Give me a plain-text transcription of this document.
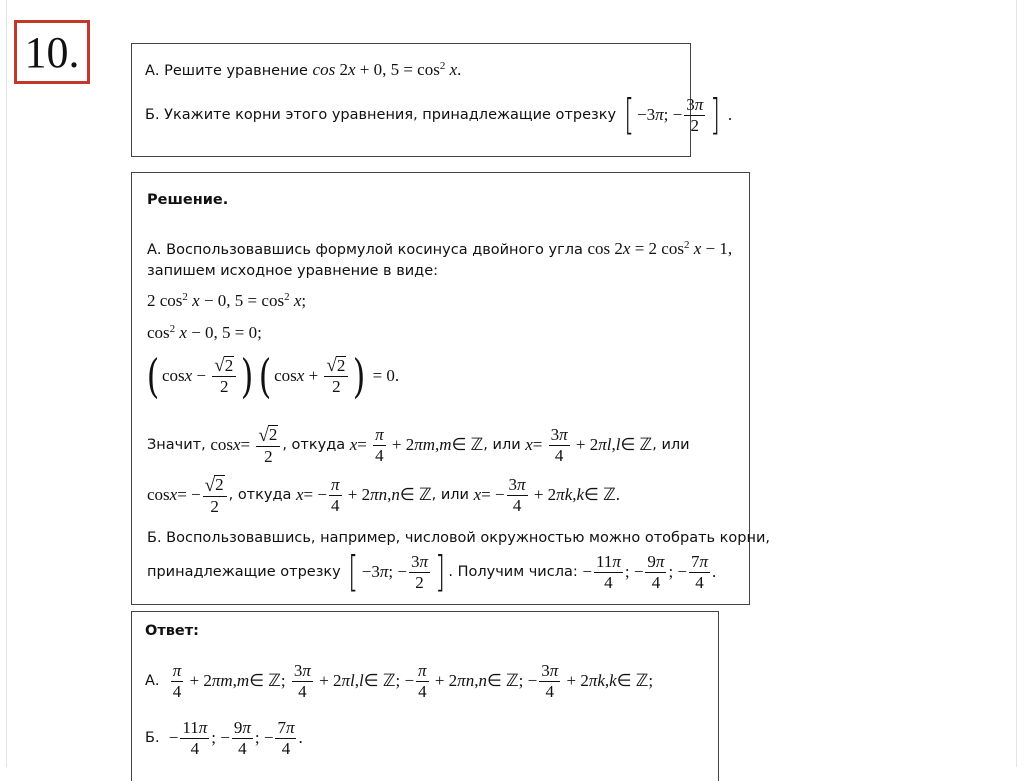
10.	А. Решите уравнение cos 2x + 0, $5 = \cos^2 x$.
Б.
Укажите корни этого уравнения, принадлежащие отрезку
[ −3 π ; − $\frac{3\pi}{2}$ ] .
Решение.
А. Воспользовавшись формулой косинуса двойного угла cos 2x = 2 $\cos^2 x - 1$,
запишем исходное уравнение в виде:
2 $\cos^2 x - 0$, $5 = \cos^2 x$;
$\cos^2 x - 0$, 5 = 0;
( $\cos x - \frac{√ 2}{2}$ ) ( $\cos x + \frac{√ 2}{2}$ )
= 0.
Значит,
$\cos x = \frac{√ 2}{2}$ , откуда
$x = \frac{\pi}{4} + 2$ πm , m ∈ ℤ , или
$x = \frac{3\pi}{4} + 2$ πl , l ∈ ℤ , или
cos x = − $\frac{√ 2}{2}$ , откуда
x = − $\frac{\pi}{4} + 2$ πn , n ∈ ℤ , или
x = − $\frac{3\pi}{4} + 2$ πk , k ∈ ℤ.
Б. Воспользовавшись, например, числовой окружностью можно отобрать корни,
принадлежащие отрезку
[ −3 π ; − $\frac{3\pi}{2}$ ] . Получим числа:
− $\frac{11\pi}{4}$ ; − $\frac{9\pi}{4}$ ; − $\frac{7\pi}{4}$ .
Ответ:
А.
$\frac{\pi}{4} + 2$ πm , m ∈ ℤ; $\frac{3\pi}{4} + 2$ πl , l ∈ ℤ; − $\frac{\pi}{4} + 2$ πn , n ∈ ℤ; − $\frac{3\pi}{4} + 2$ πk , k ∈ ℤ;
Б.
− $\frac{11\pi}{4}$ ; − $\frac{9\pi}{4}$ ; − $\frac{7\pi}{4}$ .
